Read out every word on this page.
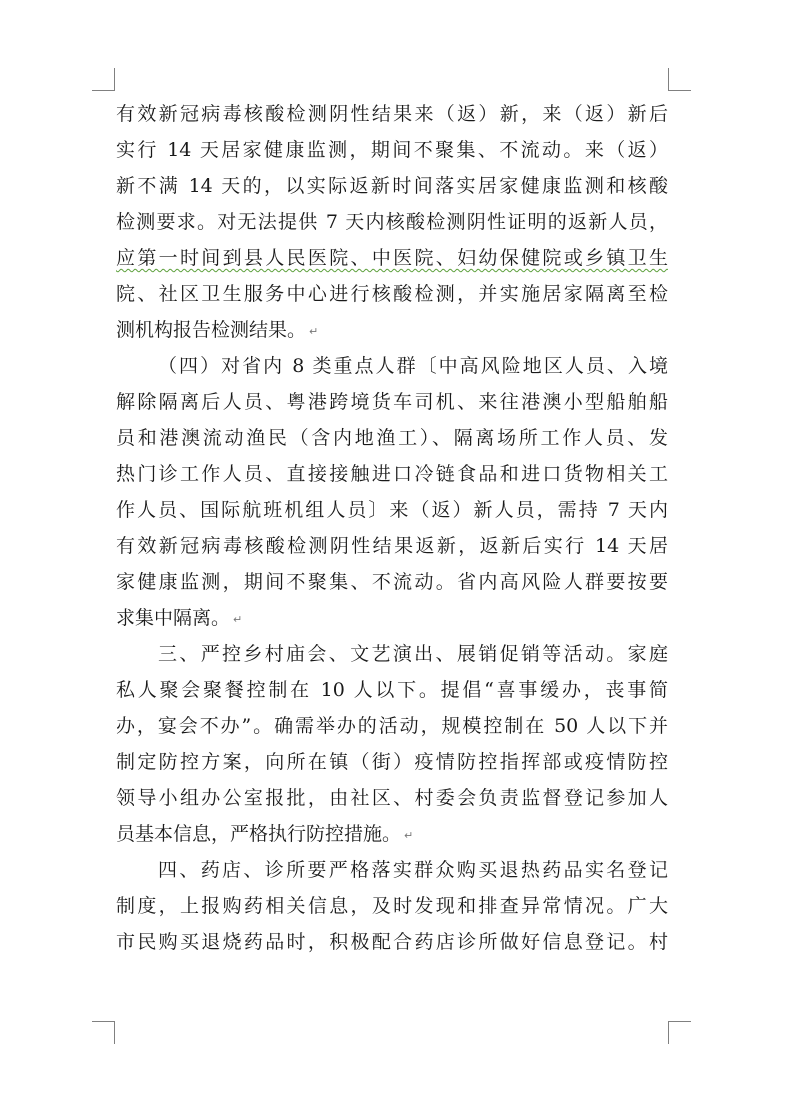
有效新冠病毒核酸检测阴性结果来（返）新，来（返）新后
实行 14 天居家健康监测，期间不聚集、不流动。来（返）
新不满 14 天的，以实际返新时间落实居家健康监测和核酸
检测要求。对无法提供 7 天内核酸检测阴性证明的返新人员，
应第一时间到县人民医院、中医院、妇幼保健院或乡镇卫生
院、社区卫生服务中心进行核酸检测，并实施居家隔离至检
测机构报告检测结果。 ↵
（四）对省内 8 类重点人群〔中高风险地区人员、入境
解除隔离后人员、粤港跨境货车司机、来往港澳小型船舶船
员和港澳流动渔民（含内地渔工）、隔离场所工作人员、发
热门诊工作人员、直接接触进口冷链食品和进口货物相关工
作人员、国际航班机组人员〕来（返）新人员，需持 7 天内
有效新冠病毒核酸检测阴性结果返新，返新后实行 14 天居
家健康监测，期间不聚集、不流动。省内高风险人群要按要
求集中隔离。 ↵
三、严控乡村庙会、文艺演出、展销促销等活动。家庭
私人聚会聚餐控制在 10 人以下。提倡“喜事缓办，丧事简
办，宴会不办”。确需举办的活动，规模控制在 50 人以下并
制定防控方案，向所在镇（街）疫情防控指挥部或疫情防控
领导小组办公室报批，由社区、村委会负责监督登记参加人
员基本信息，严格执行防控措施。 ↵
四、药店、诊所要严格落实群众购买退热药品实名登记
制度，上报购药相关信息，及时发现和排查异常情况。广大
市民购买退烧药品时，积极配合药店诊所做好信息登记。村
